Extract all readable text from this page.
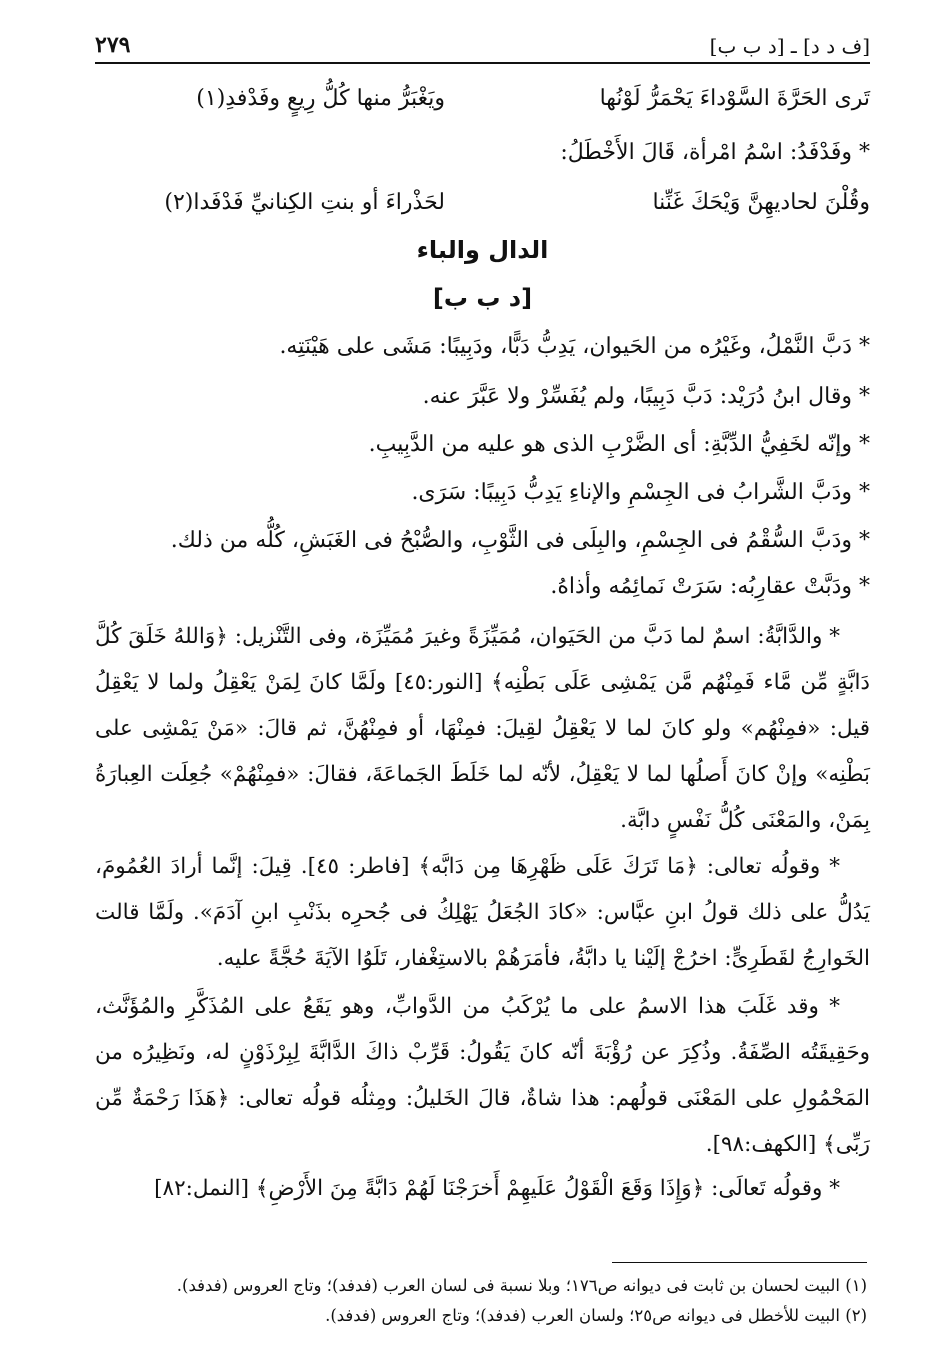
٢٧٩	[ف د د] ـ [د ب ب]
تَرى الحَرَّةَ السَّوْداءَ يَحْمَرُّ لَوْنُها
ويَغْبَرُّ منها كُلُّ رِيعٍ وفَدْفدِ(١)
* وفَدْفَدُ: اسْمُ امْرأة، قَالَ الأَخْطَلُ:
وقُلْنَ لحاديهِنَّ وَيْحَكَ غَنِّنا
لحَذْراءَ أو بنتِ الكِنانيِّ فَدْفَدا(٢)
الدال والباء
[د ب ب]
* دَبَّ النَّمْلُ، وغَيْرُه من الحَيوان، يَدِبُّ دَبًّا، ودَبِيبًا: مَشَى على هَيْنَتِه.
* وقال ابنُ دُرَيْد: دَبَّ دَبِيبًا، ولم يُفَسِّرْ ولا عَبَّرَ عنه.
* وإنّه لخَفِيُّ الدِّبَّةِ: أى الضَّرْبِ الذى هو عليه من الدَّبِيبِ.
* ودَبَّ الشَّرابُ فى الجِسْمِ والإناءِ يَدِبُّ دَبِيبًا: سَرَى.
* ودَبَّ السُّقْمُ فى الجِسْمِ، والبِلَى فى الثَّوْبِ، والصُّبْحُ فى الغَبَشِ، كُلُّه من ذلك.
* ودَبَّتْ عقارِبُه: سَرَتْ نَمائِمُه وأذاهُ.
* والدَّابَّةُ: اسمٌ لما دَبَّ من الحَيَوان، مُمَيِّزَةً وغيرَ مُمَيِّزَة، وفى التَّنْزيل: ﴿وَاللهُ خَلَقَ كُلَّ دَابَّةٍ مِّن مَّاء فَمِنْهُم مَّن يَمْشِى عَلَى بَطْنِه﴾ [النور:٤٥] ولَمَّا كانَ لِمَنْ يَعْقِلُ ولما لا يَعْقِلُ قيل: «فمِنْهُم» ولو كانَ لما لا يَعْقِلُ لقِيلَ: فمِنْهَا، أو فمِنْهُنَّ، ثم قالَ: «مَنْ يَمْشِى على بَطْنِه» وإنْ كانَ أَصلُها لما لا يَعْقِلُ، لأنّه لما خَلَطَ الجَماعَةَ، فقالَ: «فمِنْهُمْ» جُعِلَت العِبارَةُ بِمَنْ، والمَعْنَى كُلُّ نَفْسٍ دابَّة.
* وقولُه تعالى: ﴿مَا تَرَكَ عَلَى ظَهْرِهَا مِن دَابَّه﴾ [فاطر: ٤٥]. قِيلَ: إنَّما أرادَ العُمُومَ، يَدُلُّ على ذلك قولُ ابنِ عبَّاس: «كادَ الجُعَلُ يَهْلِكُ فى جُحرِه بذَنْبِ ابنِ آدَمَ». ولَمَّا قالت الخَوارِجُ لقَطَرِىٍّ: اخرُجْ إلَيْنا يا دابَّةُ، فأمَرَهُمْ بالاستِغْفار، تَلَوُا الآيَةَ حُجَّةً عليه.
* وقد غَلَبَ هذا الاسمُ على ما يُرْكَبُ من الدَّوابِّ، وهو يَقَعُ على المُذَكَّرِ والمُؤَنَّث، وحَقِيقَتُه الصِّفَةُ. وذُكِرَ عن رُؤْبَةَ أنّه كانَ يَقُولُ: قَرِّبْ ذاكَ الدَّابَّةَ لِبِرْذَوْنٍ له، ونَظِيرُه من المَحْمُولِ على المَعْنَى قولُهم: هذا شاةٌ، قالَ الخَليلُ: ومِثلُه قولُه تعالى: ﴿هَذَا رَحْمَةٌ مِّن رَبِّى﴾ [الكهف:٩٨].
* وقولُه تَعالَى: ﴿وَإِذَا وَقَعَ الْقَوْلُ عَلَيهِمْ أَخرَجْنَا لَهُمْ دَابَّةً مِنَ الأَرْضِ﴾ [النمل:٨٢]
(١) البيت لحسان بن ثابت فى ديوانه ص١٧٦؛ وبلا نسبة فى لسان العرب (فدفد)؛ وتاج العروس (فدفد).
(٢) البيت للأخطل فى ديوانه ص٢٥؛ ولسان العرب (فدفد)؛ وتاج العروس (فدفد).
